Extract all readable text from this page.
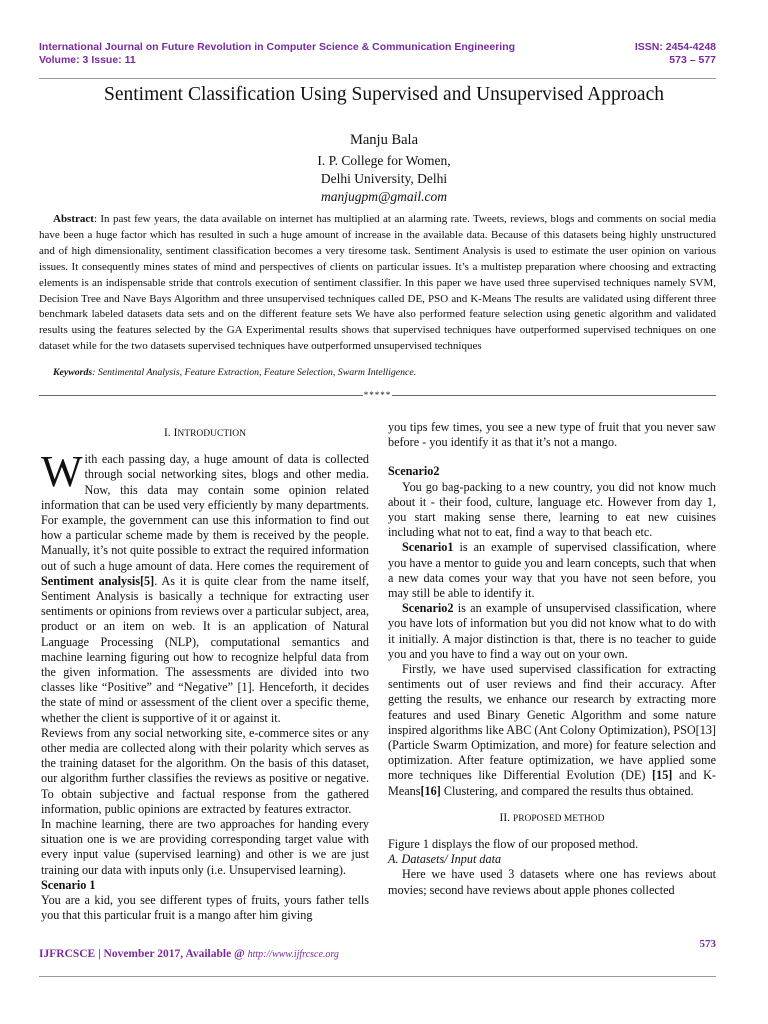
International Journal on Future Revolution in Computer Science & Communication Engineering	ISSN: 2454-4248
Volume: 3 Issue: 11	573 – 577
Sentiment Classification Using Supervised and Unsupervised Approach
Manju Bala
I. P. College for Women,
Delhi University, Delhi
manjugpm@gmail.com
Abstract: In past few years, the data available on internet has multiplied at an alarming rate. Tweets, reviews, blogs and comments on social media have been a huge factor which has resulted in such a huge amount of increase in the available data. Because of this datasets being highly unstructured and of high dimensionality, sentiment classification becomes a very tiresome task. Sentiment Analysis is used to estimate the user opinion on various issues. It consequently mines states of mind and perspectives of clients on particular issues. It’s a multistep preparation where choosing and extracting elements is an indispensable stride that controls execution of sentiment classifier. In this paper we have used three supervised techniques namely SVM, Decision Tree and Nave Bays Algorithm and three unsupervised techniques called DE, PSO and K-Means The results are validated using different three benchmark labeled datasets data sets and on the different feature sets We have also performed feature selection using genetic algorithm and validated results using the features selected by the GA Experimental results shows that supervised techniques have outperformed supervised techniques on one dataset while for the two datasets supervised techniques have outperformed unsupervised techniques
Keywords: Sentimental Analysis, Feature Extraction, Feature Selection, Swarm Intelligence.
*****
I. INTRODUCTION

With each passing day, a huge amount of data is collected through social networking sites, blogs and other media. Now, this data may contain some opinion related information that can be used very efficiently by many departments. For example, the government can use this information to find out how a particular scheme made by them is received by the people. Manually, it’s not quite possible to extract the required information out of such a huge amount of data. Here comes the requirement of Sentiment analysis[5]. As it is quite clear from the name itself, Sentiment Analysis is basically a technique for extracting user sentiments or opinions from reviews over a particular subject, area, product or an item on web. It is an application of Natural Language Processing (NLP), computational semantics and machine learning figuring out how to recognize helpful data from the given information. The assessments are divided into two classes like “Positive” and “Negative” [1]. Henceforth, it decides the state of mind or assessment of the client over a specific theme, whether the client is supportive of it or against it.

Reviews from any social networking site, e-commerce sites or any other media are collected along with their polarity which serves as the training dataset for the algorithm. On the basis of this dataset, our algorithm further classifies the reviews as positive or negative. To obtain subjective and factual response from the gathered information, public opinions are extracted by features extractor.

In machine learning, there are two approaches for handing every situation one is we are providing corresponding target value with every input value (supervised learning) and other is we are just training our data with inputs only (i.e. Unsupervised learning).

Scenario 1

You are a kid, you see different types of fruits, yours father tells you that this particular fruit is a mango after him giving

you tips few times, you see a new type of fruit that you never saw before - you identify it as that it’s not a mango.

Scenario2

You go bag-packing to a new country, you did not know much about it - their food, culture, language etc. However from day 1, you start making sense there, learning to eat new cuisines including what not to eat, find a way to that beach etc.

Scenario1 is an example of supervised classification, where you have a mentor to guide you and learn concepts, such that when a new data comes your way that you have not seen before, you may still be able to identify it.

Scenario2 is an example of unsupervised classification, where you have lots of information but you did not know what to do with it initially. A major distinction is that, there is no teacher to guide you and you have to find a way out on your own.

Firstly, we have used supervised classification for extracting sentiments out of user reviews and find their accuracy. After getting the results, we enhance our research by extracting more features and used Binary Genetic Algorithm and some nature inspired algorithms like ABC (Ant Colony Optimization), PSO[13] (Particle Swarm Optimization, and more) for feature selection and optimization. After feature optimization, we have applied some more techniques like Differential Evolution (DE) [15] and K-Means[16] Clustering, and compared the results thus obtained.

II. PROPOSED METHOD

Figure 1 displays the flow of our proposed method.

A. Datasets/ Input data

Here we have used 3 datasets where one has reviews about movies; second have reviews about apple phones collected

573
IJFRCSCE | November 2017, Available @ http://www.ijfrcsce.org
